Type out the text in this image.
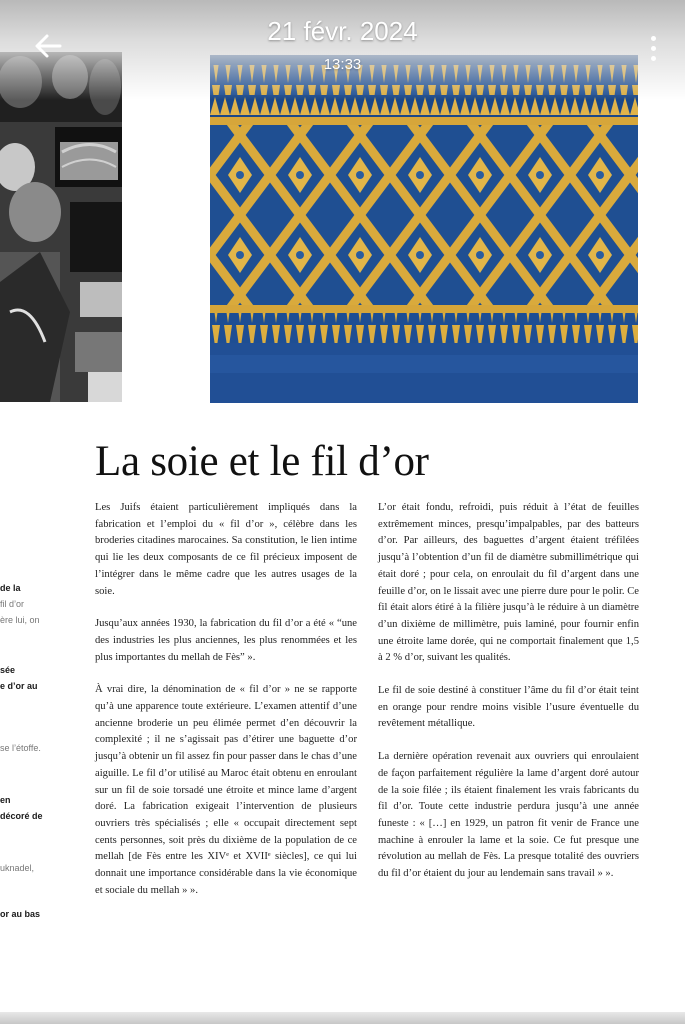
21 févr. 2024
13:33
La soie et le fil d’or

Les Juifs étaient particulièrement impliqués dans la fabrication et l’emploi du « fil d’or », célèbre dans les broderies citadines marocaines. Sa constitution, le lien intime qui lie les deux composants de ce fil précieux imposent de l’intégrer dans le même cadre que les autres usages de la soie.

Jusqu’aux années 1930, la fabrication du fil d’or a été « “une des industries les plus anciennes, les plus renommées et les plus importantes du mellah de Fès” ».

À vrai dire, la dénomination de « fil d’or » ne se rapporte qu’à une apparence toute extérieure. L’examen attentif d’une ancienne broderie un peu élimée permet d’en découvrir la complexité ; il ne s’agissait pas d’étirer une baguette d’or jusqu’à obtenir un fil assez fin pour passer dans le chas d’une aiguille. Le fil d’or utilisé au Maroc était obtenu en enroulant sur un fil de soie torsadé une étroite et mince lame d’argent doré. La fabrication exigeait l’intervention de plusieurs ouvriers très spécialisés ; elle « occupait directement sept cents personnes, soit près du dixième de la population de ce mellah [de Fès entre les XIVᵉ et XVIIᵉ siècles], ce qui lui donnait une importance considérable dans la vie économique et sociale du mellah » ».

L’or était fondu, refroidi, puis réduit à l’état de feuilles extrêmement minces, presqu’impalpables, par des batteurs d’or. Par ailleurs, des baguettes d’argent étaient tréfilées jusqu’à l’obtention d’un fil de diamètre submillimétrique qui était doré ; pour cela, on enroulait du fil d’argent dans une feuille d’or, on le lissait avec une pierre dure pour le polir. Ce fil était alors étiré à la filière jusqu’à le réduire à un diamètre d’un dixième de millimètre, puis laminé, pour fournir enfin une étroite lame dorée, qui ne comportait finalement que 1,5 à 2 % d’or, suivant les qualités.

Le fil de soie destiné à constituer l’âme du fil d’or était teint en orange pour rendre moins visible l’usure éventuelle du revêtement métallique.

La dernière opération revenait aux ouvriers qui enroulaient de façon parfaitement régulière la lame d’argent doré autour de la soie filée ; ils étaient finalement les vrais fabricants du fil d’or. Toute cette industrie perdura jusqu’à une année funeste : « […] en 1929, un patron fit venir de France une machine à enrouler la lame et la soie. Ce fut presque une révolution au mellah de Fès. La presque totalité des ouvriers du fil d’or étaient du jour au lendemain sans travail » ».

de la
fil d’or
ère lui, on
sée
e d’or au
se l’étoffe.
en
décoré de
uknadel,
or au bas
